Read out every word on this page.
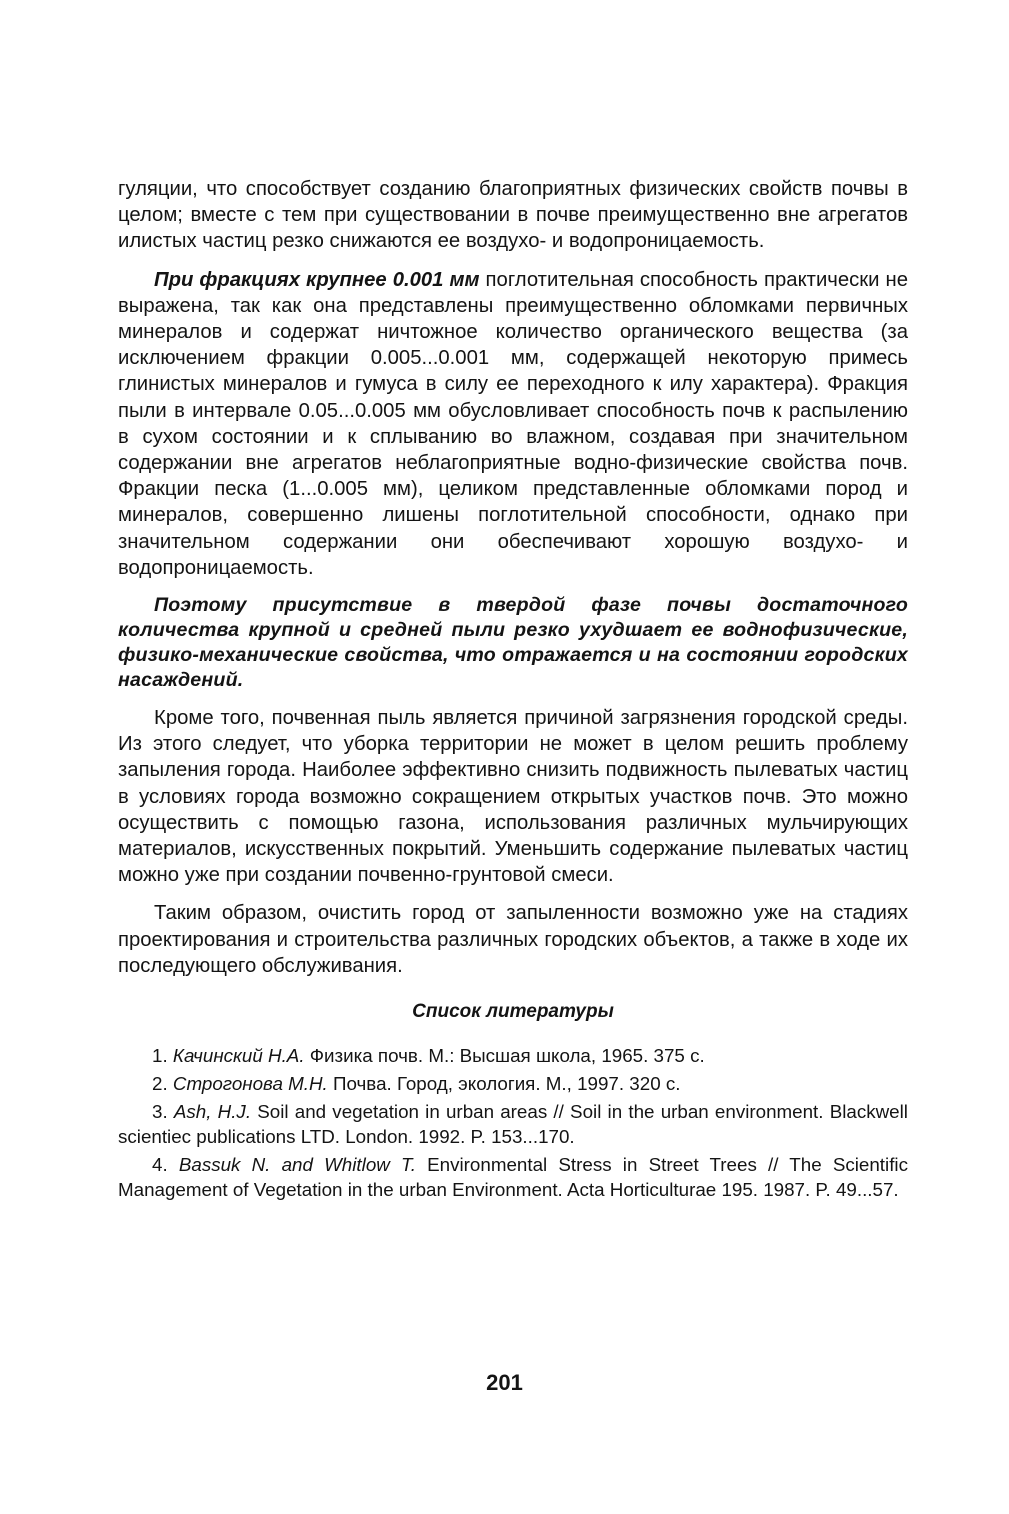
гуляции, что способствует созданию благоприятных физических свойств почвы в целом; вместе с тем при существовании в почве преимущественно вне агрегатов илистых частиц резко снижаются ее воздухо- и водопроницаемость.

При фракциях крупнее 0.001 мм поглотительная способность практически не выражена, так как она представлены преимущественно обломками первичных минералов и содержат ничтожное количество органического вещества (за исключением фракции 0.005...0.001 мм, содержащей некоторую примесь глинистых минералов и гумуса в силу ее переходного к илу характера). Фракция пыли в интервале 0.05...0.005 мм обусловливает способность почв к распылению в сухом состоянии и к сплыванию во влажном, создавая при значительном содержании вне агрегатов неблагоприятные водно-физические свойства почв. Фракции песка (1...0.005 мм), целиком представленные обломками пород и минералов, совершенно лишены поглотительной способности, однако при значительном содержании они обеспечивают хорошую воздухо- и водопроницаемость.

Поэтому присутствие в твердой фазе почвы достаточного количества крупной и средней пыли резко ухудшает ее воднофизические, физико-механические свойства, что отражается и на состоянии городских насаждений.

Кроме того, почвенная пыль является причиной загрязнения городской среды. Из этого следует, что уборка территории не может в целом решить проблему запыления города. Наиболее эффективно снизить подвижность пылеватых частиц в условиях города возможно сокращением открытых участков почв. Это можно осуществить с помощью газона, использования различных мульчирующих материалов, искусственных покрытий. Уменьшить содержание пылеватых частиц можно уже при создании почвенно-грунтовой смеси.

Таким образом, очистить город от запыленности возможно уже на стадиях проектирования и строительства различных городских объектов, а также в ходе их последующего обслуживания.

Список литературы
1. Качинский Н.А. Физика почв. М.: Высшая школа, 1965. 375 с.
2. Строгонова М.Н. Почва. Город, экология. М., 1997. 320 с.
3. Ash, H.J. Soil and vegetation in urban areas // Soil in the urban environment. Blackwell scientiec publications LTD. London. 1992. P. 153...170.
4. Bassuk N. and Whitlow T. Environmental Stress in Street Trees // The Scientific Management of Vegetation in the urban Environment. Acta Horticulturae 195. 1987. P. 49...57.
201
